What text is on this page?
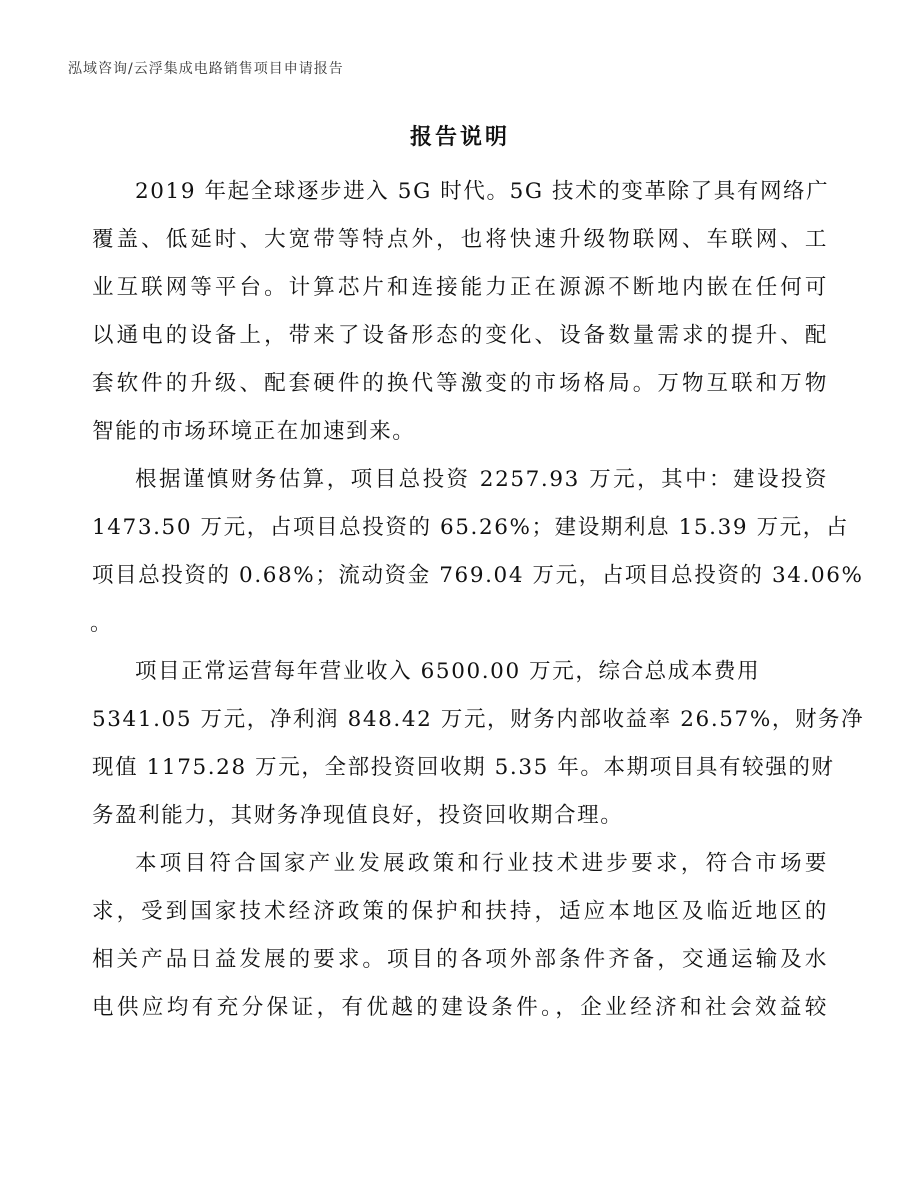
泓域咨询/云浮集成电路销售项目申请报告
报告说明
2019 年起全球逐步进入 5G 时代。5G 技术的变革除了具有网络广
覆盖、低延时、大宽带等特点外，也将快速升级物联网、车联网、工
业互联网等平台。计算芯片和连接能力正在源源不断地内嵌在任何可
以通电的设备上，带来了设备形态的变化、设备数量需求的提升、配
套软件的升级、配套硬件的换代等激变的市场格局。万物互联和万物
智能的市场环境正在加速到来。
根据谨慎财务估算，项目总投资 2257.93 万元，其中：建设投资
1473.50 万元，占项目总投资的 65.26%；建设期利息 15.39 万元，占
项目总投资的 0.68%；流动资金 769.04 万元，占项目总投资的 34.06%
。
项目正常运营每年营业收入 6500.00 万元，综合总成本费用
5341.05 万元，净利润 848.42 万元，财务内部收益率 26.57%，财务净
现值 1175.28 万元，全部投资回收期 5.35 年。本期项目具有较强的财
务盈利能力，其财务净现值良好，投资回收期合理。
本项目符合国家产业发展政策和行业技术进步要求，符合市场要
求，受到国家技术经济政策的保护和扶持，适应本地区及临近地区的
相关产品日益发展的要求。项目的各项外部条件齐备，交通运输及水
电供应均有充分保证，有优越的建设条件。，企业经济和社会效益较
